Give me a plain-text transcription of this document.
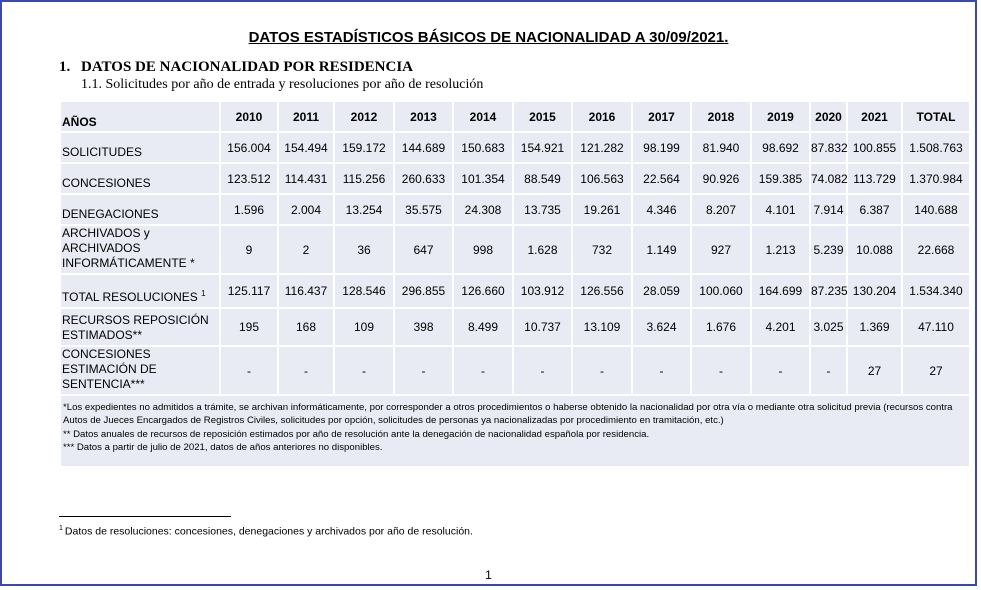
DATOS ESTADÍSTICOS BÁSICOS DE NACIONALIDAD A 30/09/2021.
1. DATOS DE NACIONALIDAD POR RESIDENCIA
1.1. Solicitudes por año de entrada y resoluciones por año de resolución
AÑOS	2010	2011	2012	2013	2014	2015	2016	2017	2018	2019	2020	2021	TOTAL
SOLICITUDES	156.004	154.494	159.172	144.689	150.683	154.921	121.282	98.199	81.940	98.692	87.832	100.855	1.508.763
CONCESIONES	123.512	114.431	115.256	260.633	101.354	88.549	106.563	22.564	90.926	159.385	74.082	113.729	1.370.984
DENEGACIONES	1.596	2.004	13.254	35.575	24.308	13.735	19.261	4.346	8.207	4.101	7.914	6.387	140.688
ARCHIVADOS y ARCHIVADOS INFORMÁTICAMENTE *	9	2	36	647	998	1.628	732	1.149	927	1.213	5.239	10.088	22.668
TOTAL RESOLUCIONES $^1$	125.117	116.437	128.546	296.855	126.660	103.912	126.556	28.059	100.060	164.699	87.235	130.204	1.534.340
RECURSOS REPOSICIÓN ESTIMADOS**	195	168	109	398	8.499	10.737	13.109	3.624	1.676	4.201	3.025	1.369	47.110
CONCESIONES ESTIMACIÓN DE SENTENCIA***	-	-	-	-	-	-	-	-	-	-	-	27	27

*Los expedientes no admitidos a trámite, se archivan informáticamente, por corresponder a otros procedimientos o haberse obtenido la nacionalidad por otra vía o mediante otra solicitud previa (recursos contra Autos de Jueces Encargados de Registros Civiles, solicitudes por opción, solicitudes de personas ya nacionalizadas por procedimiento en tramitación, etc.)
** Datos anuales de recursos de reposición estimados por año de resolución ante la denegación de nacionalidad española por residencia.
*** Datos a partir de julio de 2021, datos de años anteriores no disponibles.													
$^1$ Datos de resoluciones: concesiones, denegaciones y archivados por año de resolución.
1
